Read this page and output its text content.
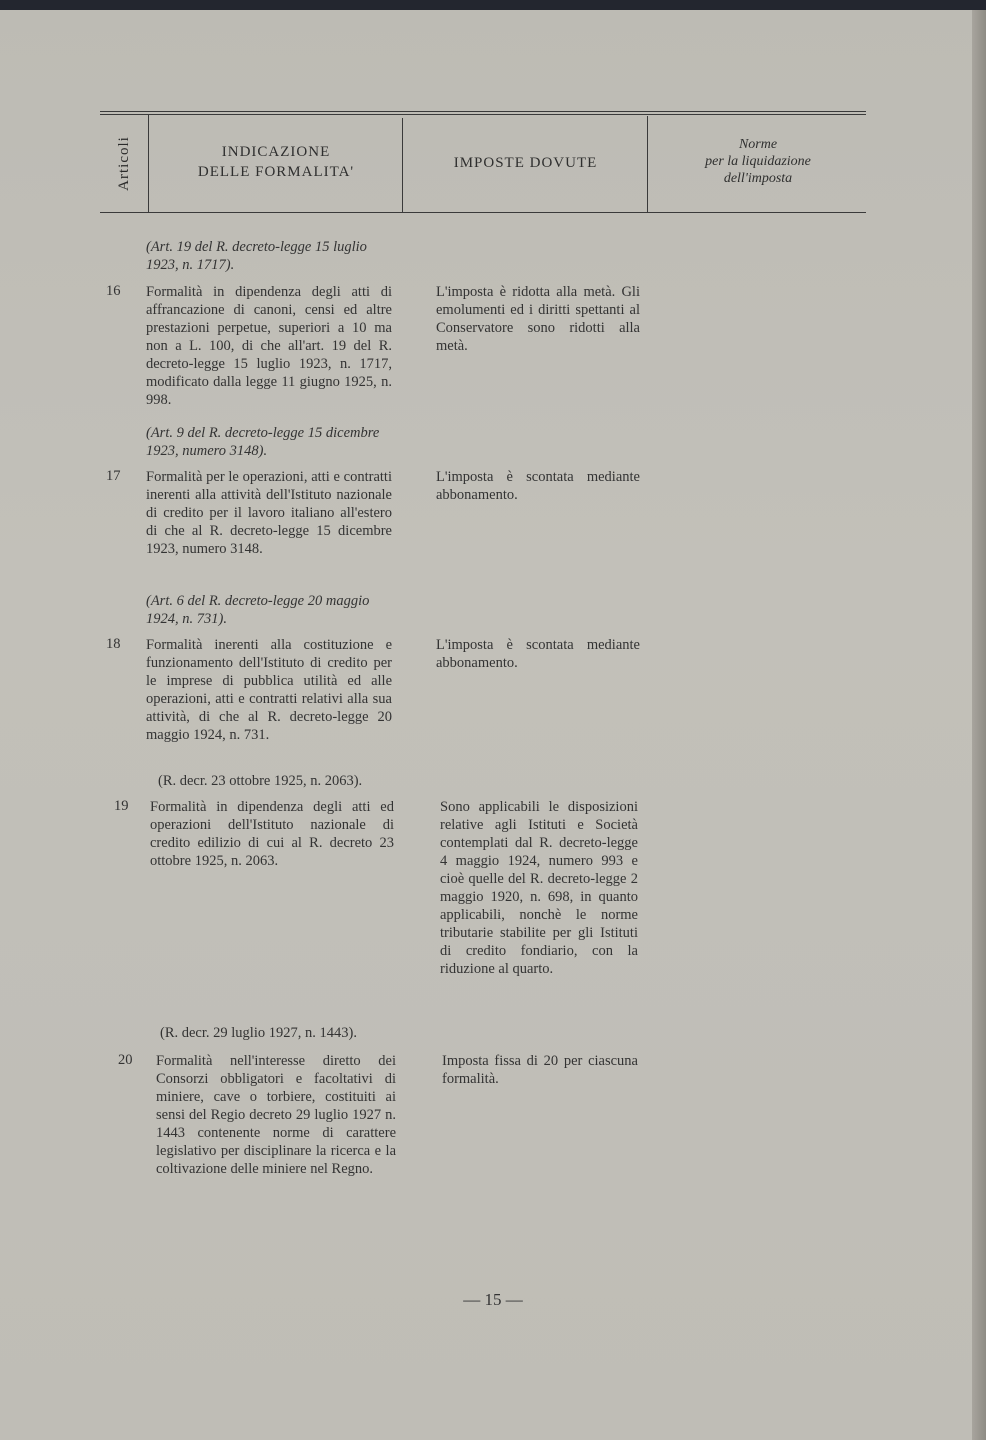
Articoli	INDICAZIONE
DELLE FORMALITA'
IMPOSTE DOVUTE
Norme
per la liquidazione
dell'imposta
(Art. 19 del R. decreto-legge 15 luglio 1923, n. 1717).
16 Formalità in dipendenza degli atti di affrancazione di canoni, censi ed altre prestazioni perpetue, superiori a 10 ma non a L. 100, di che all'art. 19 del R. decreto-legge 15 luglio 1923, n. 1717, modificato dalla legge 11 giugno 1925, n. 998.
L'imposta è ridotta alla metà. Gli emolumenti ed i diritti spettanti al Conservatore sono ridotti alla metà.
(Art. 9 del R. decreto-legge 15 dicembre 1923, numero 3148).
17 Formalità per le operazioni, atti e contratti inerenti alla attività dell'Istituto nazionale di credito per il lavoro italiano all'estero di che al R. decreto-legge 15 dicembre 1923, numero 3148.
L'imposta è scontata mediante abbonamento.
(Art. 6 del R. decreto-legge 20 maggio 1924, n. 731).
18 Formalità inerenti alla costituzione e funzionamento dell'Istituto di credito per le imprese di pubblica utilità ed alle operazioni, atti e contratti relativi alla sua attività, di che al R. decreto-legge 20 maggio 1924, n. 731.
L'imposta è scontata mediante abbonamento.
(R. decr. 23 ottobre 1925, n. 2063).
19 Formalità in dipendenza degli atti ed operazioni dell'Istituto nazionale di credito edilizio di cui al R. decreto 23 ottobre 1925, n. 2063.
Sono applicabili le disposizioni relative agli Istituti e Società contemplati dal R. decreto-legge 4 maggio 1924, numero 993 e cioè quelle del R. decreto-legge 2 maggio 1920, n. 698, in quanto applicabili, nonchè le norme tributarie stabilite per gli Istituti di credito fondiario, con la riduzione al quarto.
(R. decr. 29 luglio 1927, n. 1443).
20 Formalità nell'interesse diretto dei Consorzi obbligatori e facoltativi di miniere, cave o torbiere, costituiti ai sensi del Regio decreto 29 luglio 1927 n. 1443 contenente norme di carattere legislativo per disciplinare la ricerca e la coltivazione delle miniere nel Regno.
Imposta fissa di 20 per ciascuna formalità.
— 15 —
